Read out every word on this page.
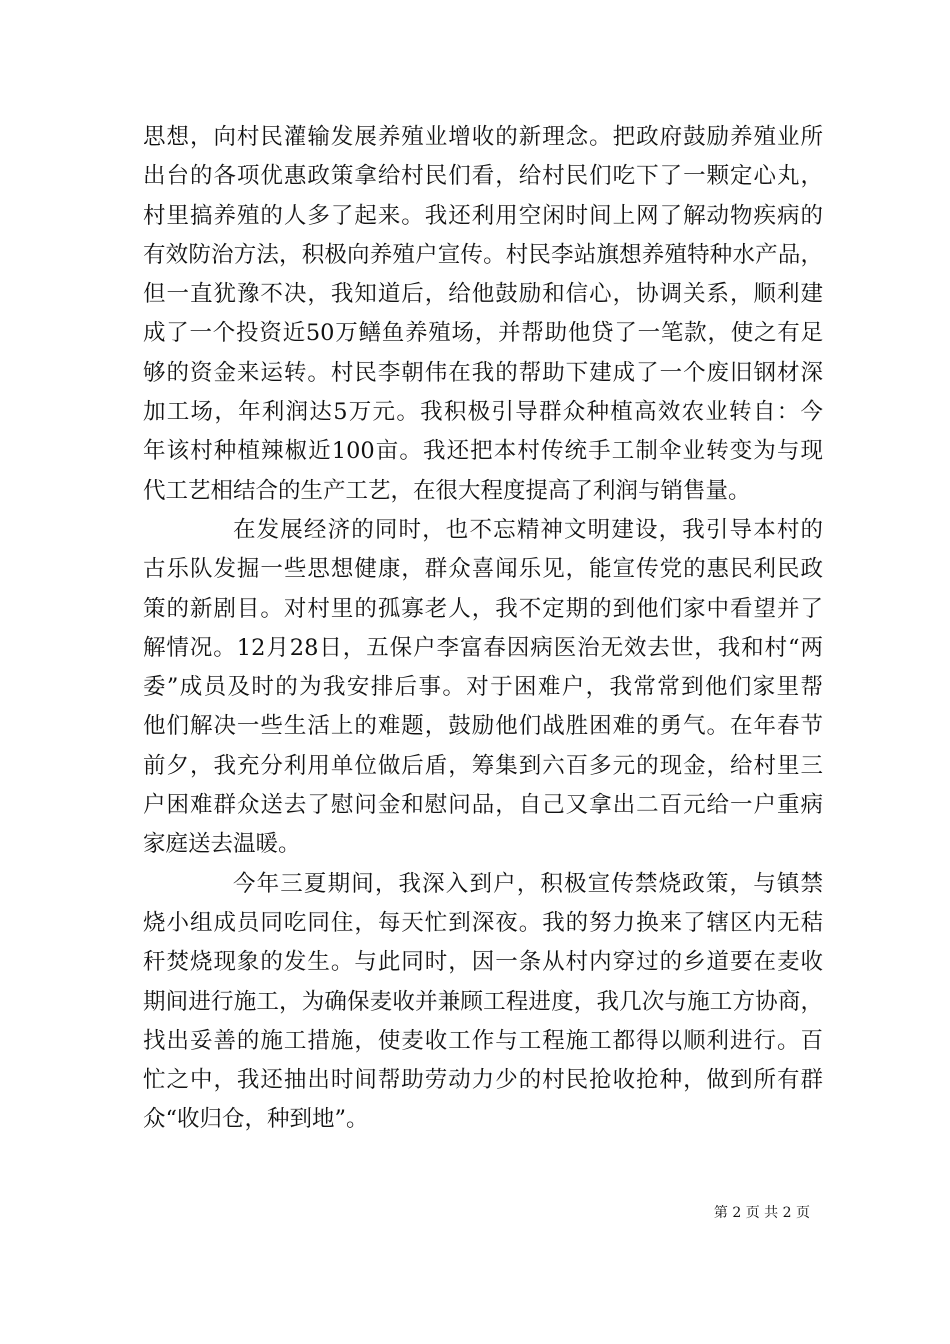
思想，向村民灌输发展养殖业增收的新理念。把政府鼓励养殖业所
出台的各项优惠政策拿给村民们看，给村民们吃下了一颗定心丸，
村里搞养殖的人多了起来。我还利用空闲时间上网了解动物疾病的
有效防治方法，积极向养殖户宣传。村民李站旗想养殖特种水产品，
但一直犹豫不决，我知道后，给他鼓励和信心，协调关系，顺利建
成了一个投资近50万鳝鱼养殖场，并帮助他贷了一笔款，使之有足
够的资金来运转。村民李朝伟在我的帮助下建成了一个废旧钢材深
加工场，年利润达5万元。我积极引导群众种植高效农业转自：今
年该村种植辣椒近100亩。我还把本村传统手工制伞业转变为与现
代工艺相结合的生产工艺，在很大程度提高了利润与销售量。
在发展经济的同时，也不忘精神文明建设，我引导本村的
古乐队发掘一些思想健康，群众喜闻乐见，能宣传党的惠民利民政
策的新剧目。对村里的孤寡老人，我不定期的到他们家中看望并了
解情况。12月28日，五保户李富春因病医治无效去世，我和村“两
委”成员及时的为我安排后事。对于困难户，我常常到他们家里帮
他们解决一些生活上的难题，鼓励他们战胜困难的勇气。在年春节
前夕，我充分利用单位做后盾，筹集到六百多元的现金，给村里三
户困难群众送去了慰问金和慰问品，自己又拿出二百元给一户重病
家庭送去温暖。
今年三夏期间，我深入到户，积极宣传禁烧政策，与镇禁
烧小组成员同吃同住，每天忙到深夜。我的努力换来了辖区内无秸
秆焚烧现象的发生。与此同时，因一条从村内穿过的乡道要在麦收
期间进行施工，为确保麦收并兼顾工程进度，我几次与施工方协商，
找出妥善的施工措施，使麦收工作与工程施工都得以顺利进行。百
忙之中，我还抽出时间帮助劳动力少的村民抢收抢种，做到所有群
众“收归仓，种到地”。
第 2 页 共 2 页
